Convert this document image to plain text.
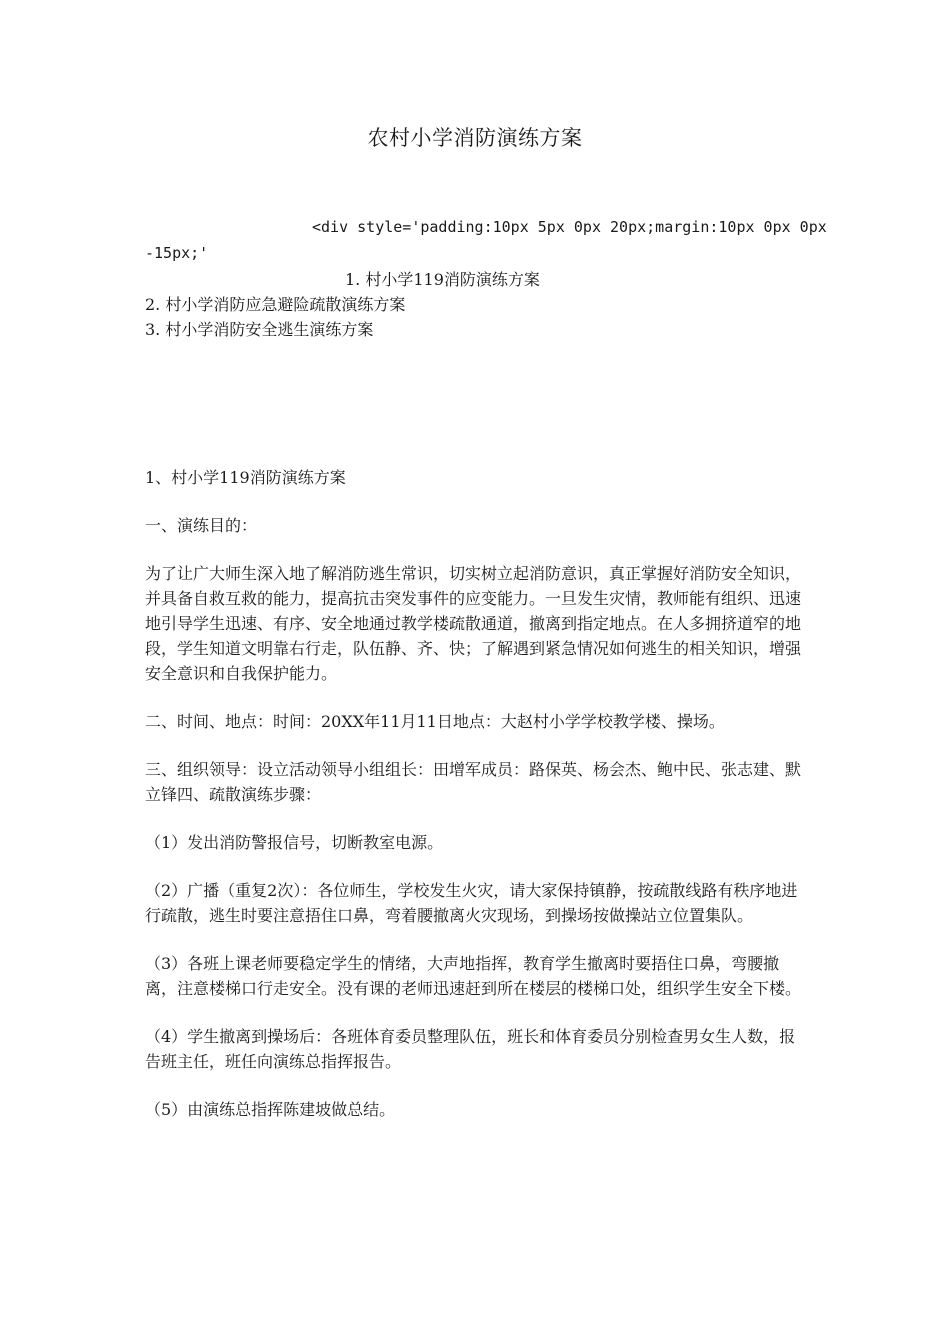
农村小学消防演练方案
<div style='padding:10px 5px 0px 20px;margin:10px 0px 0px
-15px;'
1. 村小学119消防演练方案
2. 村小学消防应急避险疏散演练方案
3. 村小学消防安全逃生演练方案

1、村小学119消防演练方案

一、演练目的：

为了让广大师生深入地了解消防逃生常识，切实树立起消防意识，真正掌握好消防安全知识，并具备自救互救的能力，提高抗击突发事件的应变能力。一旦发生灾情，教师能有组织、迅速地引导学生迅速、有序、安全地通过教学楼疏散通道，撤离到指定地点。在人多拥挤道窄的地段，学生知道文明靠右行走，队伍静、齐、快；了解遇到紧急情况如何逃生的相关知识，增强安全意识和自我保护能力。

二、时间、地点：时间：20XX年11月11日地点：大赵村小学学校教学楼、操场。

三、组织领导：设立活动领导小组组长：田增军成员：路保英、杨会杰、鲍中民、张志建、默立锋四、疏散演练步骤：

（1）发出消防警报信号，切断教室电源。

（2）广播（重复2次）：各位师生，学校发生火灾，请大家保持镇静，按疏散线路有秩序地进行疏散，逃生时要注意捂住口鼻，弯着腰撤离火灾现场，到操场按做操站立位置集队。

（3）各班上课老师要稳定学生的情绪，大声地指挥，教育学生撤离时要捂住口鼻，弯腰撤离，注意楼梯口行走安全。没有课的老师迅速赶到所在楼层的楼梯口处，组织学生安全下楼。

（4）学生撤离到操场后：各班体育委员整理队伍，班长和体育委员分别检查男女生人数，报告班主任，班任向演练总指挥报告。

（5）由演练总指挥陈建坡做总结。
